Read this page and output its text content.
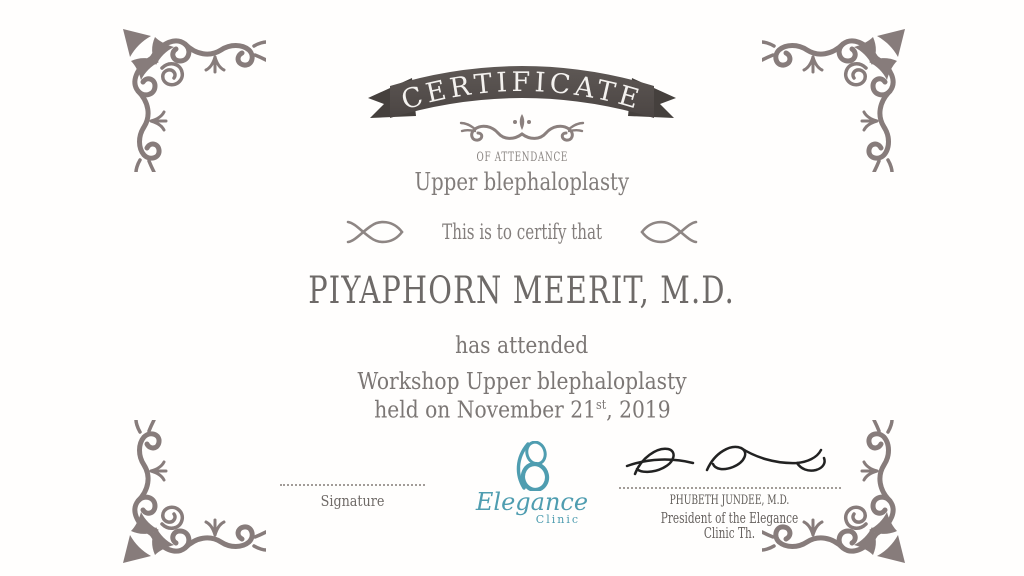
CERTIFICATE
OF ATTENDANCE
Upper blephaloplasty
This is to certify that
PIYAPHORN MEERIT, M.D.
has attended
Workshop Upper blephaloplasty
held on November 21st, 2019
Signature	Elegance
Clinic
PHUBETH JUNDEE, M.D.
President of the Elegance Clinic Th.
